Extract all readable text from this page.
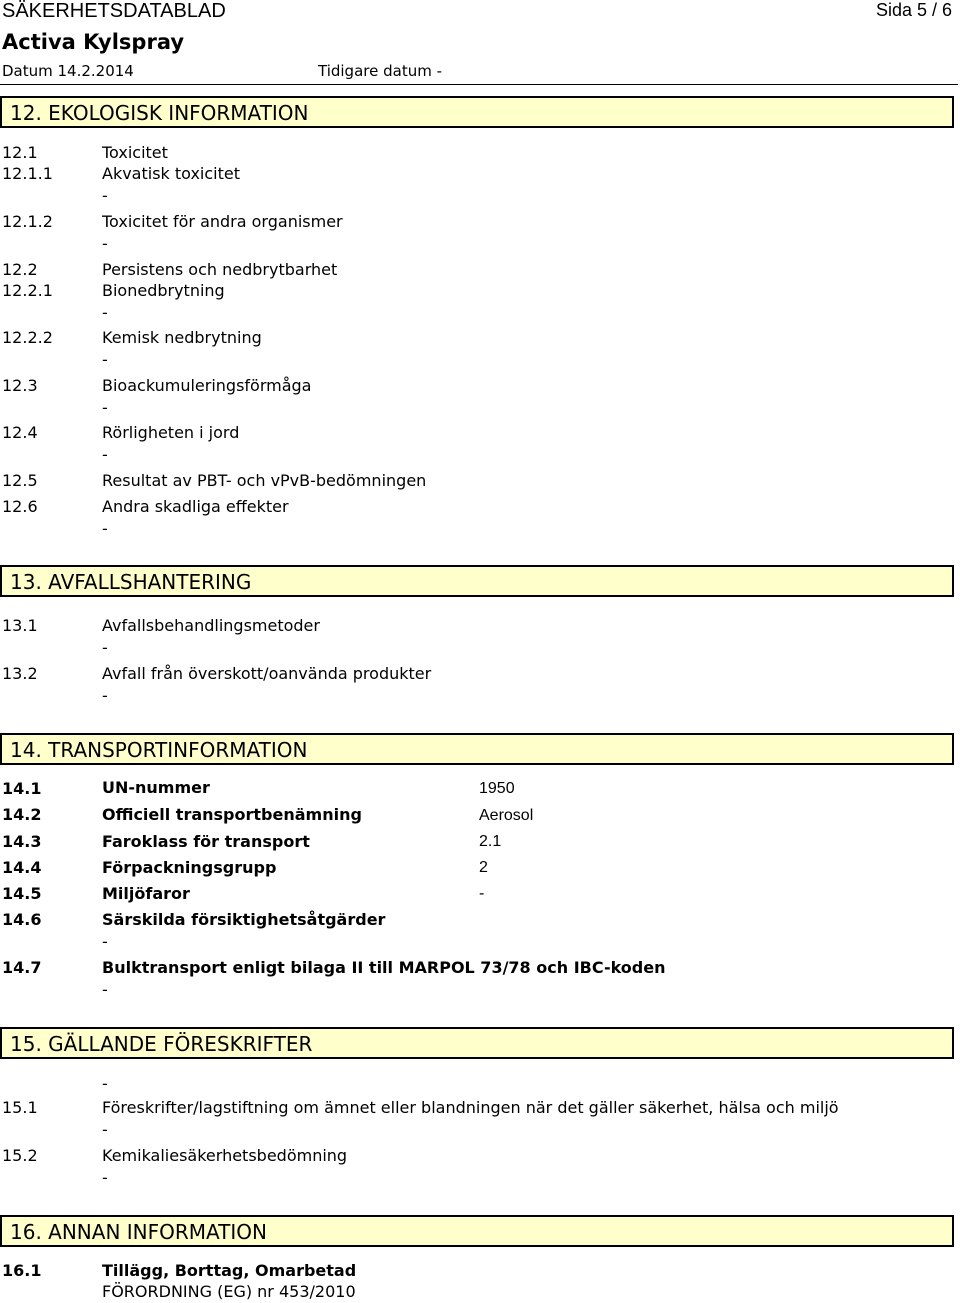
SÄKERHETSDATABLAD	Sida 5 / 6
Activa Kylspray
Datum 14.2.2014	Tidigare datum -
12. EKOLOGISK INFORMATION
12.1	Toxicitet
12.1.1	Akvatisk toxicitet
-
12.1.2	Toxicitet för andra organismer
-
12.2	Persistens och nedbrytbarhet
12.2.1	Bionedbrytning
-
12.2.2	Kemisk nedbrytning
-
12.3	Bioackumuleringsförmåga
-
12.4	Rörligheten i jord
-
12.5	Resultat av PBT- och vPvB-bedömningen
12.6	Andra skadliga effekter
-
13. AVFALLSHANTERING
13.1	Avfallsbehandlingsmetoder
-
13.2	Avfall från överskott/oanvända produkter
-
14. TRANSPORTINFORMATION
14.1	UN-nummer	1950
14.2	Officiell transportbenämning	Aerosol
14.3	Faroklass för transport	2.1
14.4	Förpackningsgrupp	2
14.5	Miljöfaror	-
14.6	Särskilda försiktighetsåtgärder
-
14.7	Bulktransport enligt bilaga II till MARPOL 73/78 och IBC-koden
-
15. GÄLLANDE FÖRESKRIFTER
-
15.1	Föreskrifter/lagstiftning om ämnet eller blandningen när det gäller säkerhet, hälsa och miljö
-
15.2	Kemikaliesäkerhetsbedömning
-
16. ANNAN INFORMATION
16.1	Tillägg, Borttag, Omarbetad
FÖRORDNING (EG) nr 453/2010
